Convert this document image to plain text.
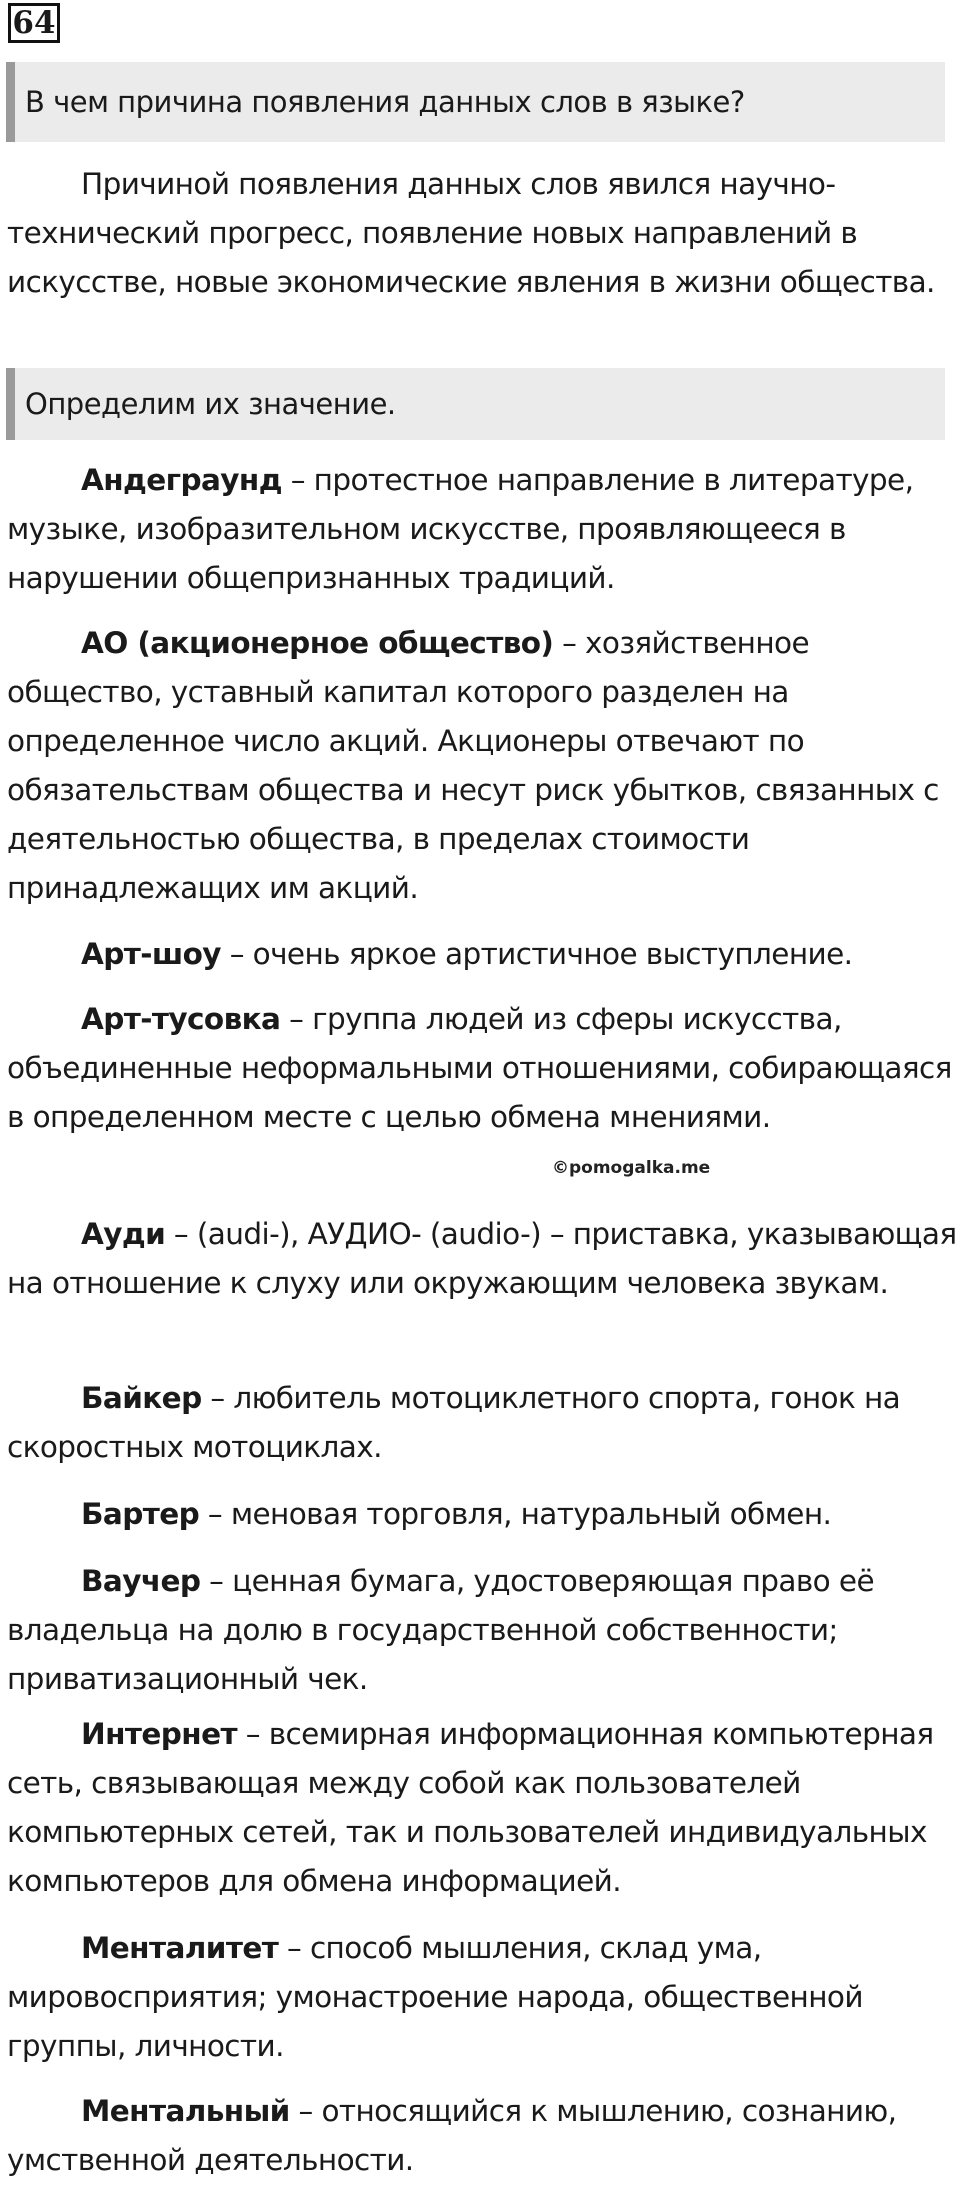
64
В чем причина появления данных слов в языке?

Причиной появления данных слов явился научно-технический прогресс, появление новых направлений в искусстве, новые экономические явления в жизни общества.

Определим их значение.

Андеграунд – протестное направление в литературе, музыке, изобразительном искусстве, проявляющееся в нарушении общепризнанных традиций.

АО (акционерное общество) – хозяйственное общество, уставный капитал которого разделен на определенное число акций. Акционеры отвечают по обязательствам общества и несут риск убытков, связанных с деятельностью общества, в пределах стоимости принадлежащих им акций.

Арт-шоу – очень яркое артистичное выступление.

Арт-тусовка – группа людей из сферы искусства, объединенные неформальными отношениями, собирающаяся в определенном месте с целью обмена мнениями.

©pomogalka.me

Ауди – (audi-), АУДИО- (audio-) – приставка, указывающая на отношение к слуху или окружающим человека звукам.

Байкер – любитель мотоциклетного спорта, гонок на скоростных мотоциклах.

Бартер – меновая торговля, натуральный обмен.

Ваучер – ценная бумага, удостоверяющая право её владельца на долю в государственной собственности; приватизационный чек.

Интернет – всемирная информационная компьютерная сеть, связывающая между собой как пользователей компьютерных сетей, так и пользователей индивидуальных компьютеров для обмена информацией.

Менталитет – способ мышления, склад ума, мировосприятия; умонастроение народа, общественной группы, личности.

Ментальный – относящийся к мышлению, сознанию, умственной деятельности.
